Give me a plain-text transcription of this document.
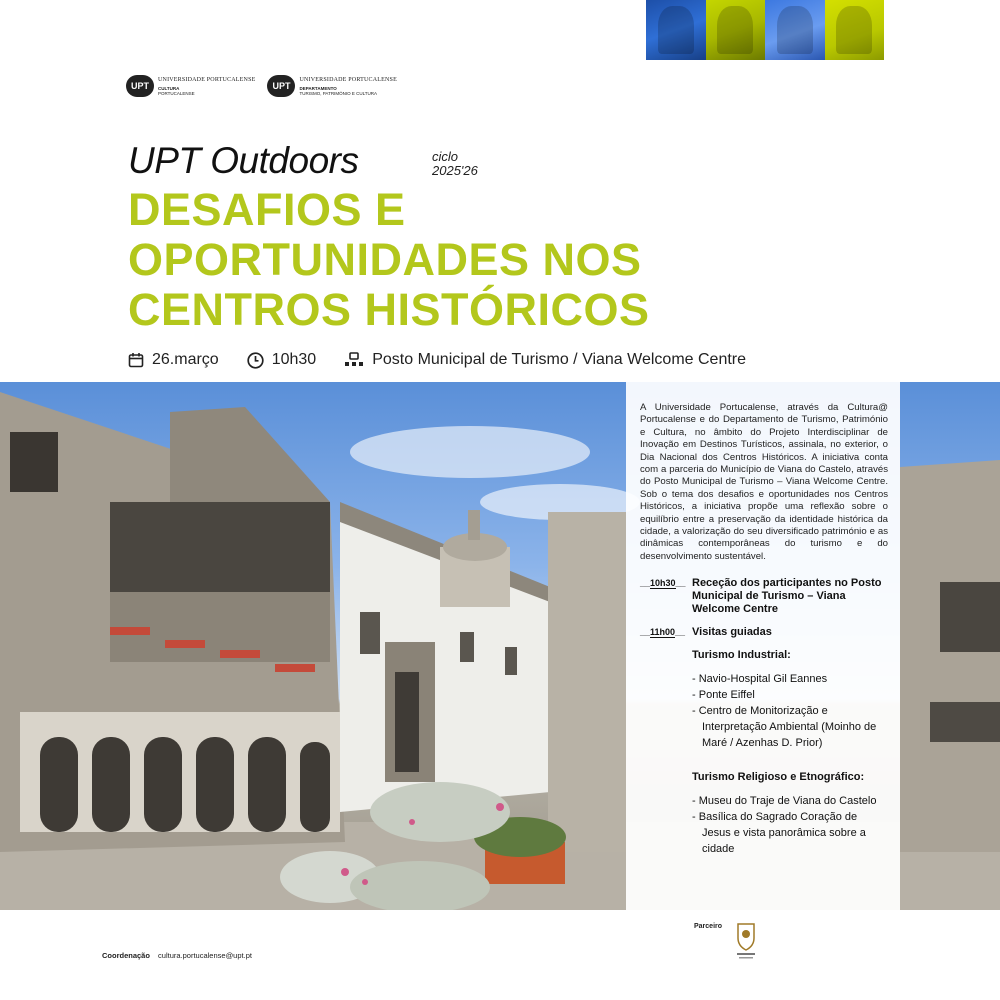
UPT
UNIVERSIDADE PORTUCALENSE
CULTURA
PORTUCALENSE
UPT
UNIVERSIDADE PORTUCALENSE
DEPARTAMENTO
TURISMO, PATRIMÓNIO E CULTURA
UPT Outdoors	ciclo
2025'26
DESAFIOS E
OPORTUNIDADES NOS
CENTROS HISTÓRICOS
26.março	10h30	Posto Municipal de Turismo / Viana Welcome Centre

A Universidade Portucalense, através da Cultura@ Portucalense e do Departamento de Turismo, Património e Cultura, no âmbito do Projeto Interdisciplinar de Inovação em Destinos Turísticos, assinala, no exterior, o Dia Nacional dos Centros Históricos. A iniciativa conta com a parceria do Município de Viana do Castelo, através do Posto Municipal de Turismo – Viana Welcome Centre. Sob o tema dos desafios e oportunidades nos Centros Históricos, a iniciativa propõe uma reflexão sobre o equilíbrio entre a preservação da identidade histórica da cidade, a valorização do seu diversificado património e as dinâmicas contemporâneas do turismo e do desenvolvimento sustentável.

__10h30__ Receção dos participantes no Posto Municipal de Turismo – Viana Welcome Centre
__11h00__ Visitas guiadas
Turismo Industrial:
- Navio-Hospital Gil Eannes
- Ponte Eiffel
- Centro de Monitorização e Interpretação Ambiental (Moinho de Maré / Azenhas D. Prior)
Turismo Religioso e Etnográfico:
- Museu do Traje de Viana do Castelo
- Basílica do Sagrado Coração de Jesus e vista panorâmica sobre a cidade
Coordenação cultura.portucalense@upt.pt
Parceiro
